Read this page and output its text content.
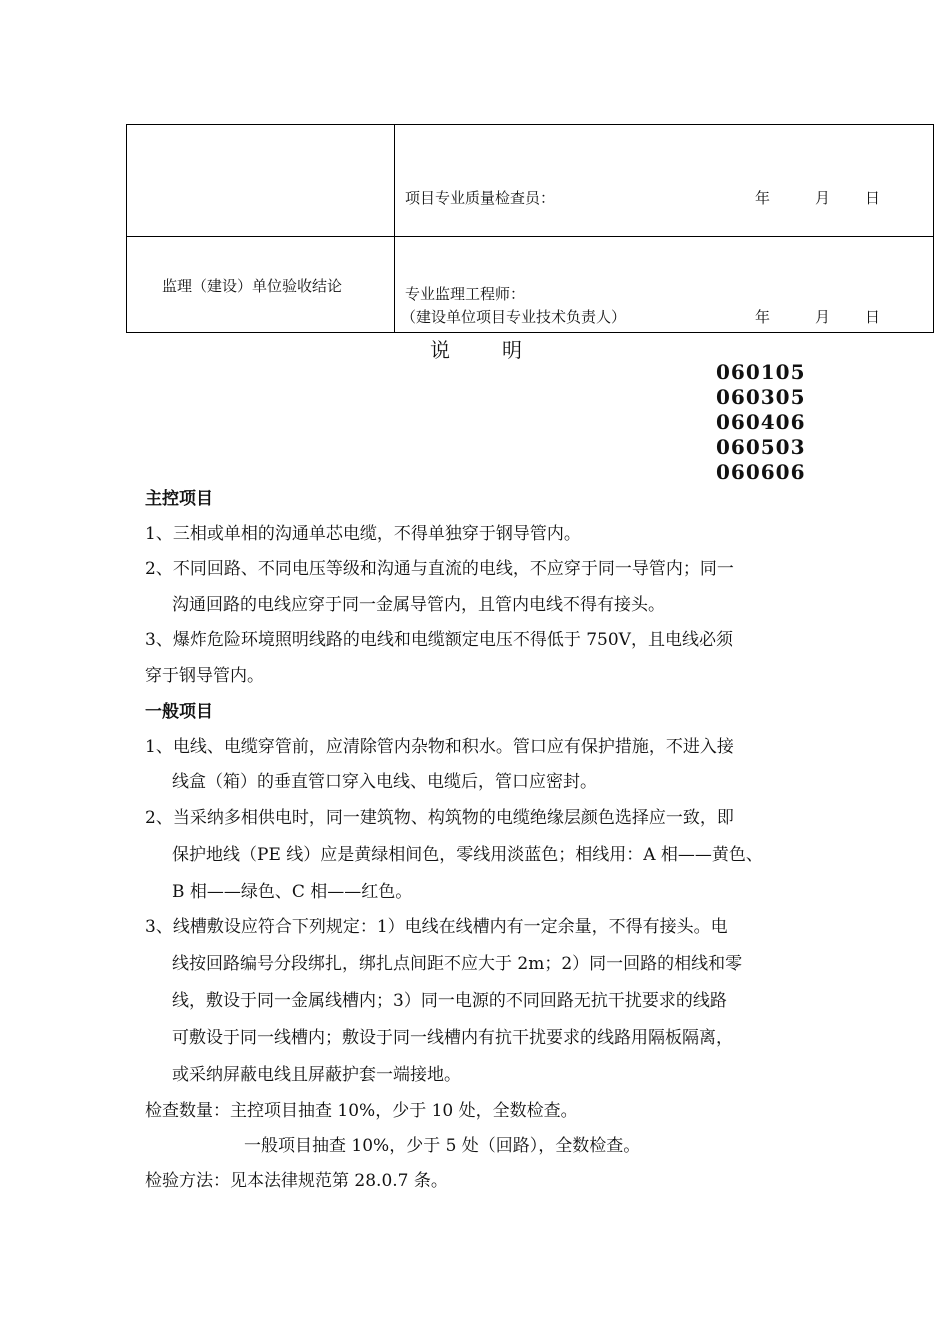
	项目专业质量检查员： 年 月 日

监理（建设）单位验收结论	专业监理工程师：
（建设单位项目专业技术负责人） 年 月 日
说	明
060105
060305
060406
060503
060606
主控项目
1、三相或单相的沟通单芯电缆，不得单独穿于钢导管内。
2、不同回路、不同电压等级和沟通与直流的电线，不应穿于同一导管内；同一
沟通回路的电线应穿于同一金属导管内，且管内电线不得有接头。
3、爆炸危险环境照明线路的电线和电缆额定电压不得低于 750V，且电线必须
穿于钢导管内。
一般项目
1、电线、电缆穿管前，应清除管内杂物和积水。管口应有保护措施，不进入接
线盒（箱）的垂直管口穿入电线、电缆后，管口应密封。
2、当采纳多相供电时，同一建筑物、构筑物的电缆绝缘层颜色选择应一致，即
保护地线（PE 线）应是黄绿相间色，零线用淡蓝色；相线用：A 相——黄色、
B 相——绿色、C 相——红色。
3、线槽敷设应符合下列规定：1）电线在线槽内有一定余量，不得有接头。电
线按回路编号分段绑扎，绑扎点间距不应大于 2m；2）同一回路的相线和零
线，敷设于同一金属线槽内；3）同一电源的不同回路无抗干扰要求的线路
可敷设于同一线槽内；敷设于同一线槽内有抗干扰要求的线路用隔板隔离，
或采纳屏蔽电线且屏蔽护套一端接地。
检查数量：主控项目抽查 10%，少于 10 处，全数检查。
一般项目抽查 10%，少于 5 处（回路），全数检查。
检验方法：见本法律规范第 28.0.7 条。
